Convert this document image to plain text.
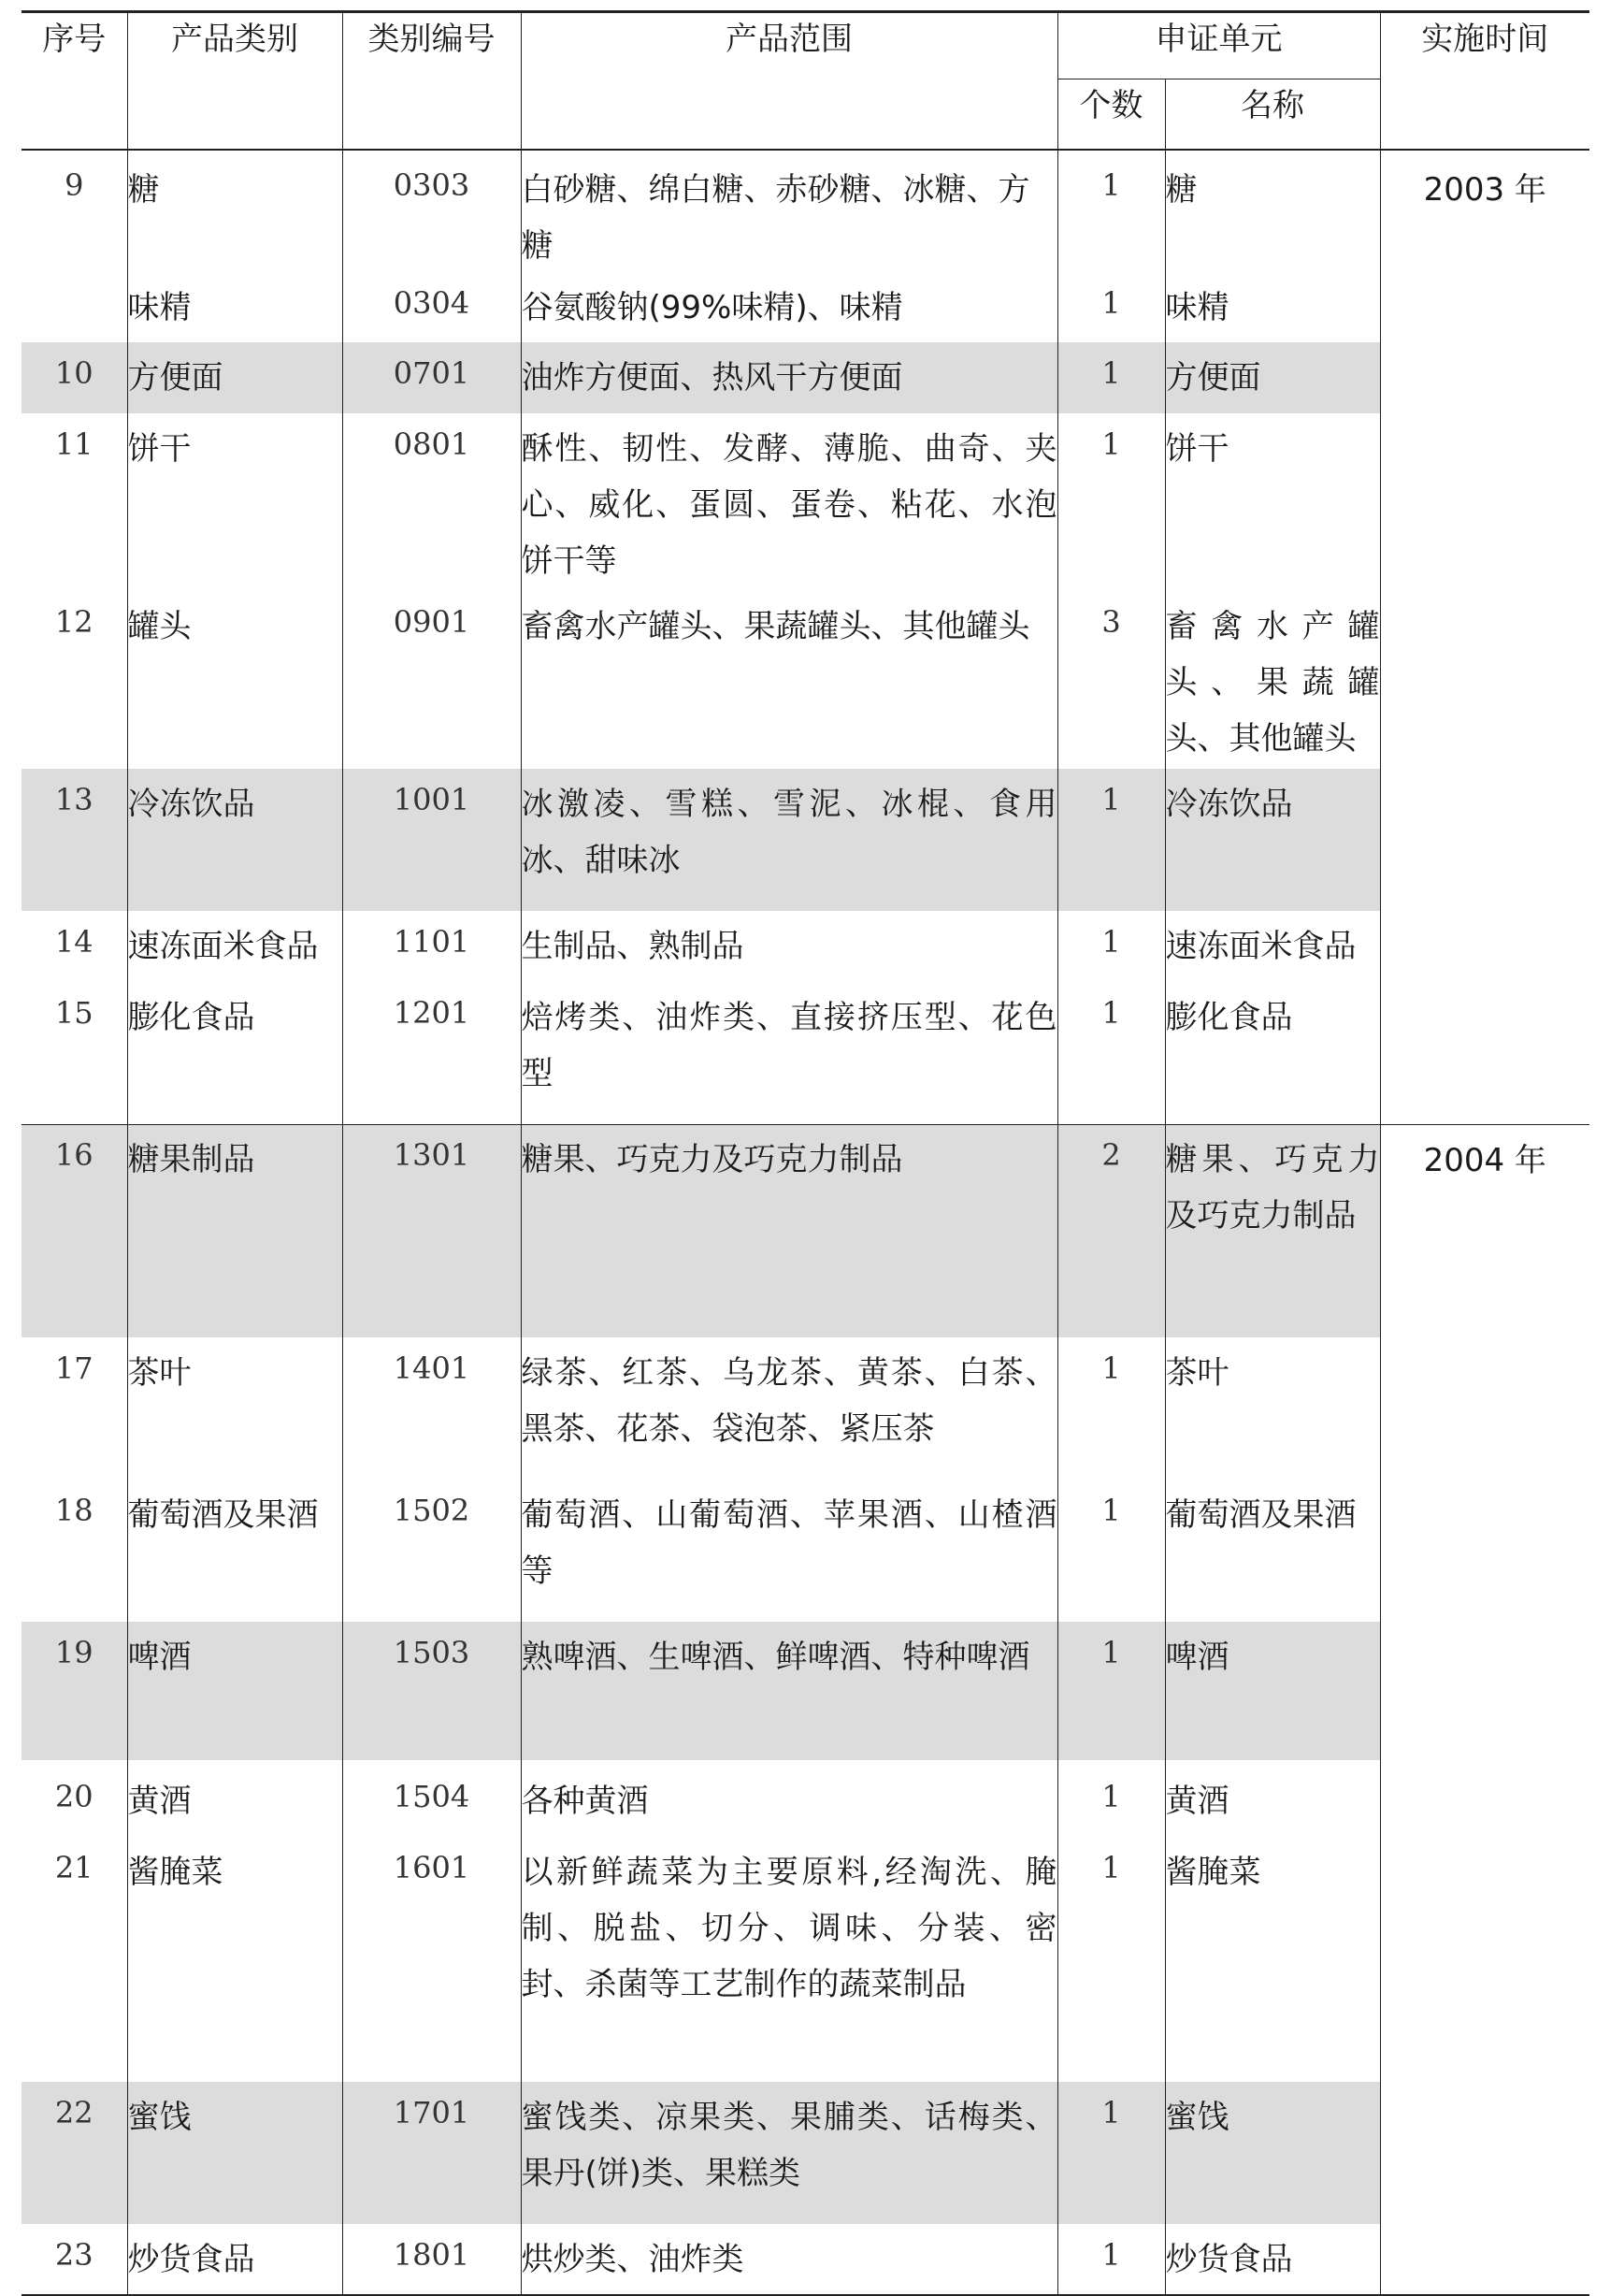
序号	产品类别	类别编号	产品范围	申证单元		实施时间
				个数	名称	
9	糖	0303	白砂糖、绵白糖、赤砂糖、冰糖、方糖	1	糖	2003 年
	味精	0304	谷氨酸钠(99%味精)、味精	1	味精	
10	方便面	0701	油炸方便面、热风干方便面	1	方便面	
11	饼干	0801	酥性、韧性、发酵、薄脆、曲奇、夹心、威化、蛋圆、蛋卷、粘花、水泡饼干等	1	饼干	
12	罐头	0901	畜禽水产罐头、果蔬罐头、其他罐头	3	畜禽水产罐头、果蔬罐头、其他罐头	
13	冷冻饮品	1001	冰激凌、雪糕、雪泥、冰棍、食用冰、甜味冰	1	冷冻饮品	
14	速冻面米食品	1101	生制品、熟制品	1	速冻面米食品	
15	膨化食品	1201	焙烤类、油炸类、直接挤压型、花色型	1	膨化食品	

16	糖果制品	1301	糖果、巧克力及巧克力制品	2	糖果、巧克力及巧克力制品	2004 年
17	茶叶	1401	绿茶、红茶、乌龙茶、黄茶、白茶、黑茶、花茶、袋泡茶、紧压茶	1	茶叶	
18	葡萄酒及果酒	1502	葡萄酒、山葡萄酒、苹果酒、山楂酒等	1	葡萄酒及果酒	
19	啤酒	1503	熟啤酒、生啤酒、鲜啤酒、特种啤酒	1	啤酒	
20	黄酒	1504	各种黄酒	1	黄酒	
21	酱腌菜	1601	以新鲜蔬菜为主要原料,经淘洗、腌制、脱盐、切分、调味、分装、密封、杀菌等工艺制作的蔬菜制品	1	酱腌菜	
22	蜜饯	1701	蜜饯类、凉果类、果脯类、话梅类、果丹(饼)类、果糕类	1	蜜饯	
23	炒货食品	1801	烘炒类、油炸类	1	炒货食品	
